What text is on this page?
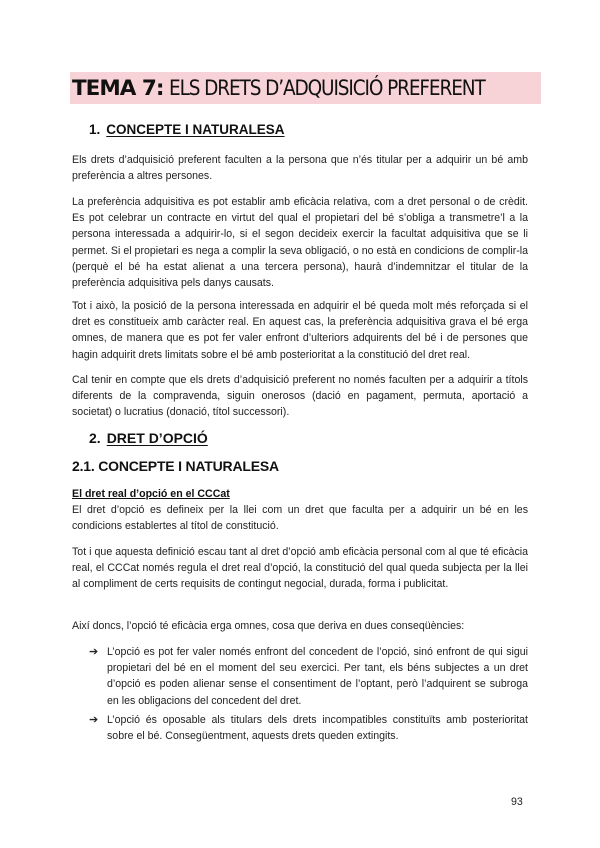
TEMA 7: ELS DRETS D’ADQUISICIÓ PREFERENT
1. CONCEPTE I NATURALESA

Els drets d’adquisició preferent faculten a la persona que n’és titular per a adquirir un bé amb preferència a altres persones.

La preferència adquisitiva es pot establir amb eficàcia relativa, com a dret personal o de crèdit. Es pot celebrar un contracte en virtut del qual el propietari del bé s’obliga a transmetre’l a la persona interessada a adquirir-lo, si el segon decideix exercir la facultat adquisitiva que se li permet. Si el propietari es nega a complir la seva obligació, o no està en condicions de complir-la (perquè el bé ha estat alienat a una tercera persona), haurà d’indemnitzar el titular de la preferència adquisitiva pels danys causats.

Tot i això, la posició de la persona interessada en adquirir el bé queda molt més reforçada si el dret es constitueix amb caràcter real. En aquest cas, la preferència adquisitiva grava el bé erga omnes, de manera que es pot fer valer enfront d’ulteriors adquirents del bé i de persones que hagin adquirit drets limitats sobre el bé amb posterioritat a la constitució del dret real.

Cal tenir en compte que els drets d’adquisició preferent no només faculten per a adquirir a títols diferents de la compravenda, siguin onerosos (dació en pagament, permuta, aportació a societat) o lucratius (donació, títol successori).

2. DRET D’OPCIÓ
2.1. CONCEPTE I NATURALESA
El dret real d’opció en el CCCat

El dret d’opció es defineix per la llei com un dret que faculta per a adquirir un bé en les condicions establertes al títol de constitució.

Tot i que aquesta definició escau tant al dret d’opció amb eficàcia personal com al que té eficàcia real, el CCCat només regula el dret real d’opció, la constitució del qual queda subjecta per la llei al compliment de certs requisits de contingut negocial, durada, forma i publicitat.

Així doncs, l’opció té eficàcia erga omnes, cosa que deriva en dues conseqüències:

➔ L’opció es pot fer valer només enfront del concedent de l’opció, sinó enfront de qui sigui propietari del bé en el moment del seu exercici. Per tant, els béns subjectes a un dret d’opció es poden alienar sense el consentiment de l’optant, però l’adquirent se subroga en les obligacions del concedent del dret.
➔ L’opció és oposable als titulars dels drets incompatibles constituïts amb posterioritat sobre el bé. Consegüentment, aquests drets queden extingits.
93
